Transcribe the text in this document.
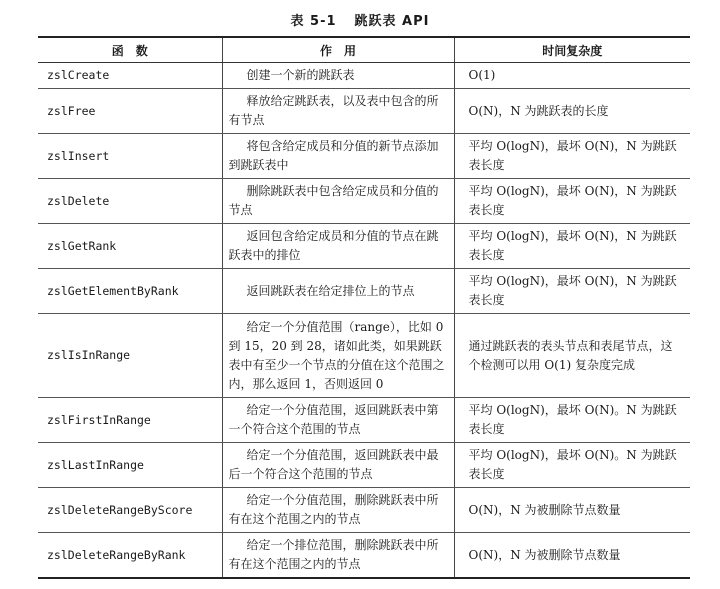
表 5-1 跳跃表 API
函　数	作　用	时间复杂度
zslCreate	创建一个新的跳跃表	O(1)
zslFree	释放给定跳跃表，以及表中包含的所有节点	O(N)，N 为跳跃表的长度
zslInsert	将包含给定成员和分值的新节点添加到跳跃表中	平均 O(logN)，最坏 O(N)，N 为跳跃表长度
zslDelete	删除跳跃表中包含给定成员和分值的节点	平均 O(logN)，最坏 O(N)，N 为跳跃表长度
zslGetRank	返回包含给定成员和分值的节点在跳跃表中的排位	平均 O(logN)，最坏 O(N)，N 为跳跃表长度
zslGetElementByRank	返回跳跃表在给定排位上的节点	平均 O(logN)，最坏 O(N)，N 为跳跃表长度
zslIsInRange	给定一个分值范围（range），比如 0 到 15，20 到 28，诸如此类，如果跳跃表中有至少一个节点的分值在这个范围之内，那么返回 1，否则返回 0	通过跳跃表的表头节点和表尾节点，这个检测可以用 O(1) 复杂度完成
zslFirstInRange	给定一个分值范围，返回跳跃表中第一个符合这个范围的节点	平均 O(logN)，最坏 O(N)。N 为跳跃表长度
zslLastInRange	给定一个分值范围，返回跳跃表中最后一个符合这个范围的节点	平均 O(logN)，最坏 O(N)。N 为跳跃表长度
zslDeleteRangeByScore	给定一个分值范围，删除跳跃表中所有在这个范围之内的节点	O(N)，N 为被删除节点数量
zslDeleteRangeByRank	给定一个排位范围，删除跳跃表中所有在这个范围之内的节点	O(N)，N 为被删除节点数量
